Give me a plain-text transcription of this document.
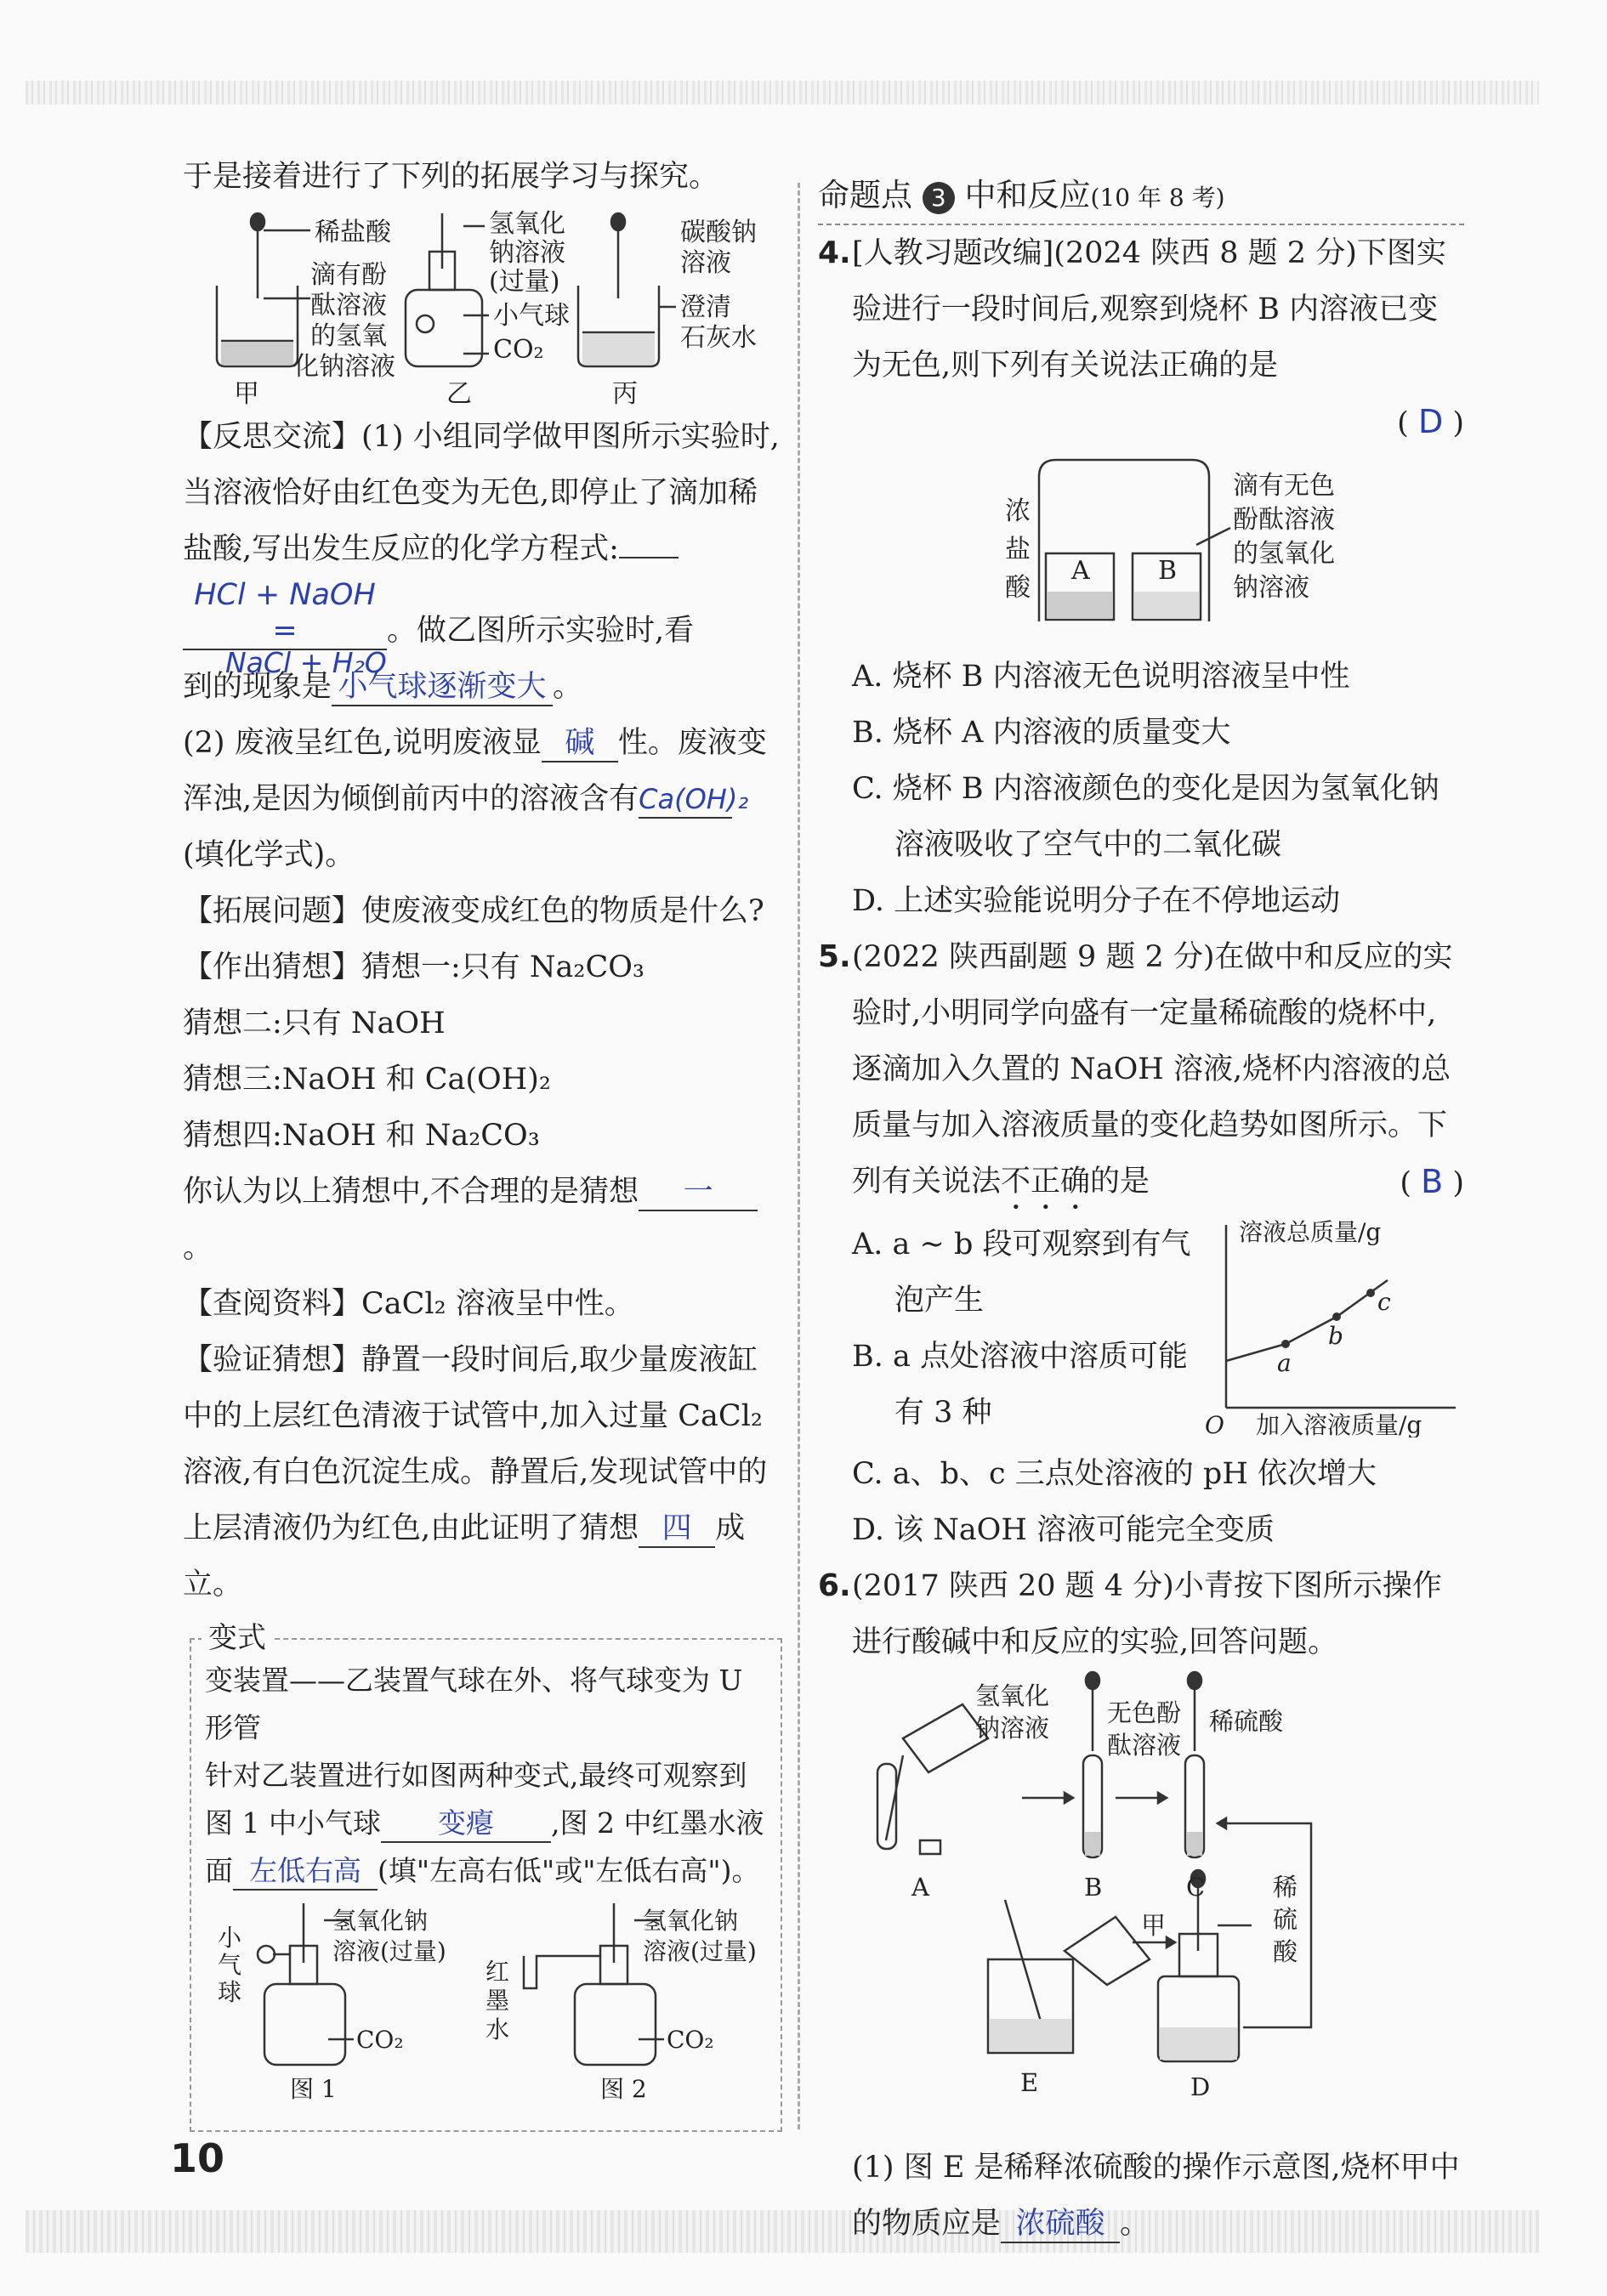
于是接着进行了下列的拓展学习与探究。

稀盐酸
滴有酚
酞溶液
的氢氧
化钠溶液
氢氧化
钠溶液
(过量)
小气球
CO₂
碳酸钠
溶液
澄清
石灰水
甲	乙	丙

【反思交流】(1) 小组同学做甲图所示实验时,当溶液恰好由红色变为无色,即停止了滴加稀盐酸,写出发生反应的化学方程式:
HCl + NaOH =	。做乙图所示实验时,看
到的现象是 小气球逐渐变大 。
NaCl + H₂O

(2) 废液呈红色,说明废液显 碱 性。废液变浑浊,是因为倾倒前丙中的溶液含有Ca(OH)₂
(填化学式)。

【拓展问题】使废液变成红色的物质是什么?

【作出猜想】猜想一:只有 Na₂CO₃

猜想二:只有 NaOH

猜想三:NaOH 和 Ca(OH)₂

猜想四:NaOH 和 Na₂CO₃

你认为以上猜想中,不合理的是猜想 一。

【查阅资料】CaCl₂ 溶液呈中性。

【验证猜想】静置一段时间后,取少量废液缸中的上层红色清液于试管中,加入过量 CaCl₂ 溶液,有白色沉淀生成。静置后,发现试管中的上层清液仍为红色,由此证明了猜想 四 成立。

变式

变装置——乙装置气球在外、将气球变为 U 形管

针对乙装置进行如图两种变式,最终可观察到图 1 中小气球 变瘪 ,图 2 中红墨水液面 左低右高 (填"左高右低"或"左低右高")。

小
气
球
氢氧化钠
溶液(过量)
CO₂
红
墨
水
氢氧化钠
溶液(过量)
CO₂
图 1	图 2
命题点 3 中和反应(10 年 8 考)

4.[人教习题改编](2024 陕西 8 题 2 分)下图实验进行一段时间后,观察到烧杯 B 内溶液已变为无色,则下列有关说法正确的是

( D )

浓
盐
酸
A	B
滴有无色
酚酞溶液
的氢氧化
钠溶液

A. 烧杯 B 内溶液无色说明溶液呈中性

B. 烧杯 A 内溶液的质量变大

C. 烧杯 B 内溶液颜色的变化是因为氢氧化钠溶液吸收了空气中的二氧化碳

D. 上述实验能说明分子在不停地运动

5.(2022 陕西副题 9 题 2 分)在做中和反应的实验时,小明同学向盛有一定量稀硫酸的烧杯中,逐滴加入久置的 NaOH 溶液,烧杯内溶液的总质量与加入溶液质量的变化趋势如图所示。下列有关说法不正确的是	( B )

A. a ~ b 段可观察到有气泡产生

B. a 点处溶液中溶质可能有 3 种

溶液总质量/g
加入溶液质量/g
O
a
b
c

C. a、b、c 三点处溶液的 pH 依次增大

D. 该 NaOH 溶液可能完全变质

6.(2017 陕西 20 题 4 分)小青按下图所示操作进行酸碱中和反应的实验,回答问题。

氢氧化
钠溶液
无色酚
酞溶液
稀硫酸
稀
硫
酸
甲
A	B	C
D
E

(1) 图 E 是稀释浓硫酸的操作示意图,烧杯甲中的物质应是 浓硫酸 。

10
